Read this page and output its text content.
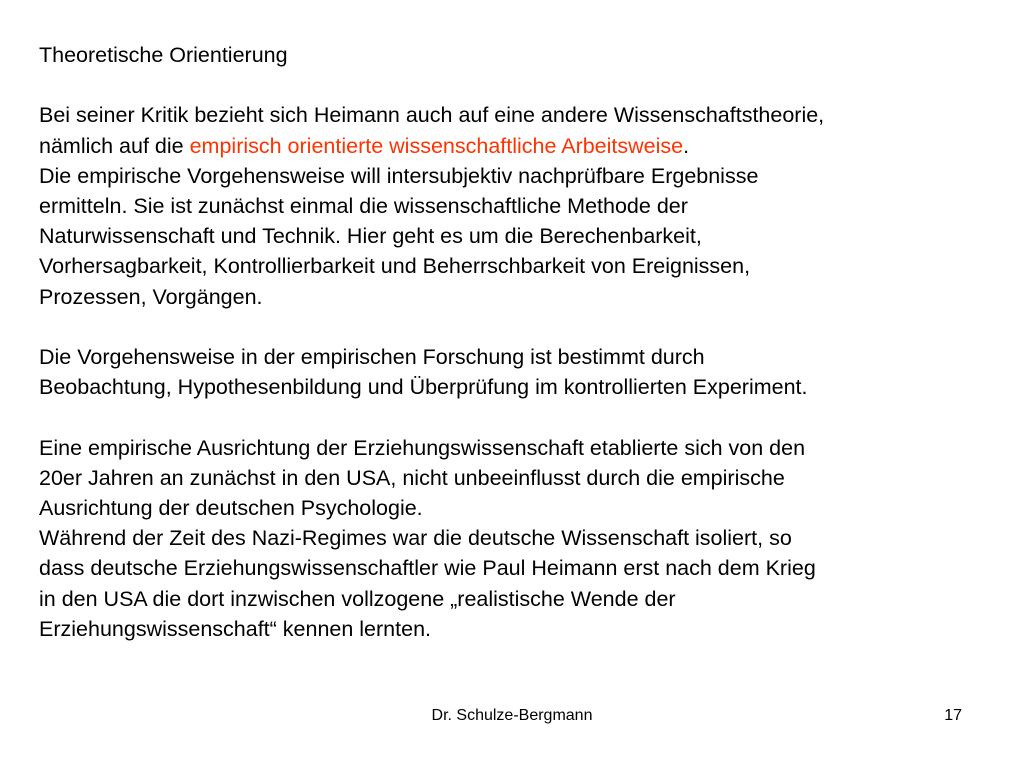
Theoretische Orientierung
Bei seiner Kritik bezieht sich Heimann auch auf eine andere Wissenschaftstheorie,
nämlich auf die empirisch orientierte wissenschaftliche Arbeitsweise.
Die empirische Vorgehensweise will intersubjektiv nachprüfbare Ergebnisse
ermitteln. Sie ist zunächst einmal die wissenschaftliche Methode der
Naturwissenschaft und Technik. Hier geht es um die Berechenbarkeit,
Vorhersagbarkeit, Kontrollierbarkeit und Beherrschbarkeit von Ereignissen,
Prozessen, Vorgängen.
Die Vorgehensweise in der empirischen Forschung ist bestimmt durch
Beobachtung, Hypothesenbildung und Überprüfung im kontrollierten Experiment.
Eine empirische Ausrichtung der Erziehungswissenschaft etablierte sich von den
20er Jahren an zunächst in den USA, nicht unbeeinflusst durch die empirische
Ausrichtung der deutschen Psychologie.
Während der Zeit des Nazi-Regimes war die deutsche Wissenschaft isoliert, so
dass deutsche Erziehungswissenschaftler wie Paul Heimann erst nach dem Krieg
in den USA die dort inzwischen vollzogene „realistische Wende der
Erziehungswissenschaft“ kennen lernten.
Dr. Schulze-Bergmann	17
